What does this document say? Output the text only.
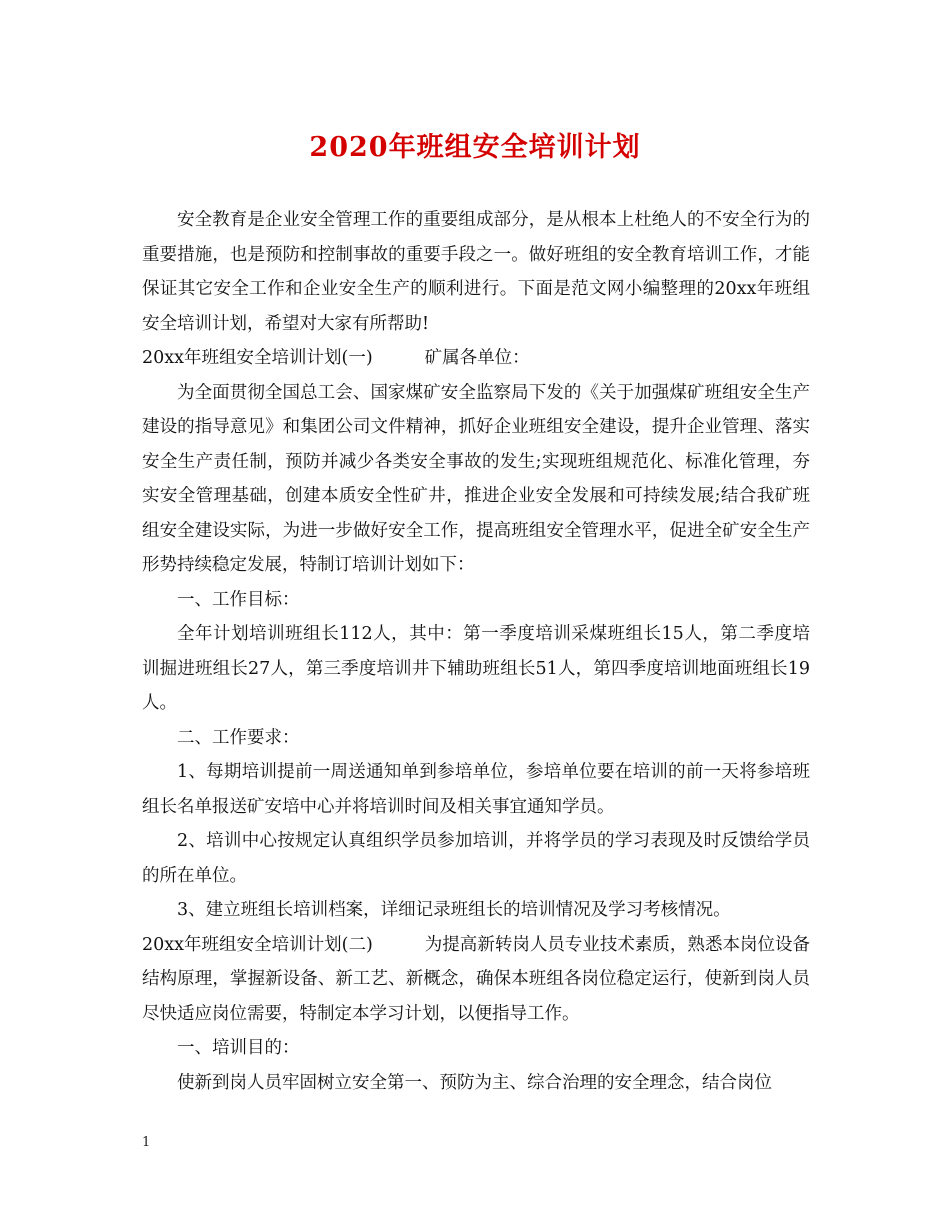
2020年班组安全培训计划

安全教育是企业安全管理工作的重要组成部分，是从根本上杜绝人的不安全行为的重要措施，也是预防和控制事故的重要手段之一。做好班组的安全教育培训工作，才能保证其它安全工作和企业安全生产的顺利进行。下面是范文网小编整理的20xx年班组安全培训计划，希望对大家有所帮助!

20xx年班组安全培训计划(一)	矿属各单位：

为全面贯彻全国总工会、国家煤矿安全监察局下发的《关于加强煤矿班组安全生产建设的指导意见》和集团公司文件精神，抓好企业班组安全建设，提升企业管理、落实安全生产责任制，预防并减少各类安全事故的发生;实现班组规范化、标准化管理，夯实安全管理基础，创建本质安全性矿井，推进企业安全发展和可持续发展;结合我矿班组安全建设实际，为进一步做好安全工作，提高班组安全管理水平，促进全矿安全生产形势持续稳定发展，特制订培训计划如下：

一、工作目标：

全年计划培训班组长112人，其中：第一季度培训采煤班组长15人，第二季度培训掘进班组长27人，第三季度培训井下辅助班组长51人，第四季度培训地面班组长19人。

二、工作要求：

1、每期培训提前一周送通知单到参培单位，参培单位要在培训的前一天将参培班组长名单报送矿安培中心并将培训时间及相关事宜通知学员。

2、培训中心按规定认真组织学员参加培训，并将学员的学习表现及时反馈给学员的所在单位。

3、建立班组长培训档案，详细记录班组长的培训情况及学习考核情况。

20xx年班组安全培训计划(二)	为提高新转岗人员专业技术素质，熟悉本岗位设备结构原理，掌握新设备、新工艺、新概念，确保本班组各岗位稳定运行，使新到岗人员尽快适应岗位需要，特制定本学习计划，以便指导工作。

一、培训目的：

使新到岗人员牢固树立安全第一、预防为主、综合治理的安全理念，结合岗位

1
